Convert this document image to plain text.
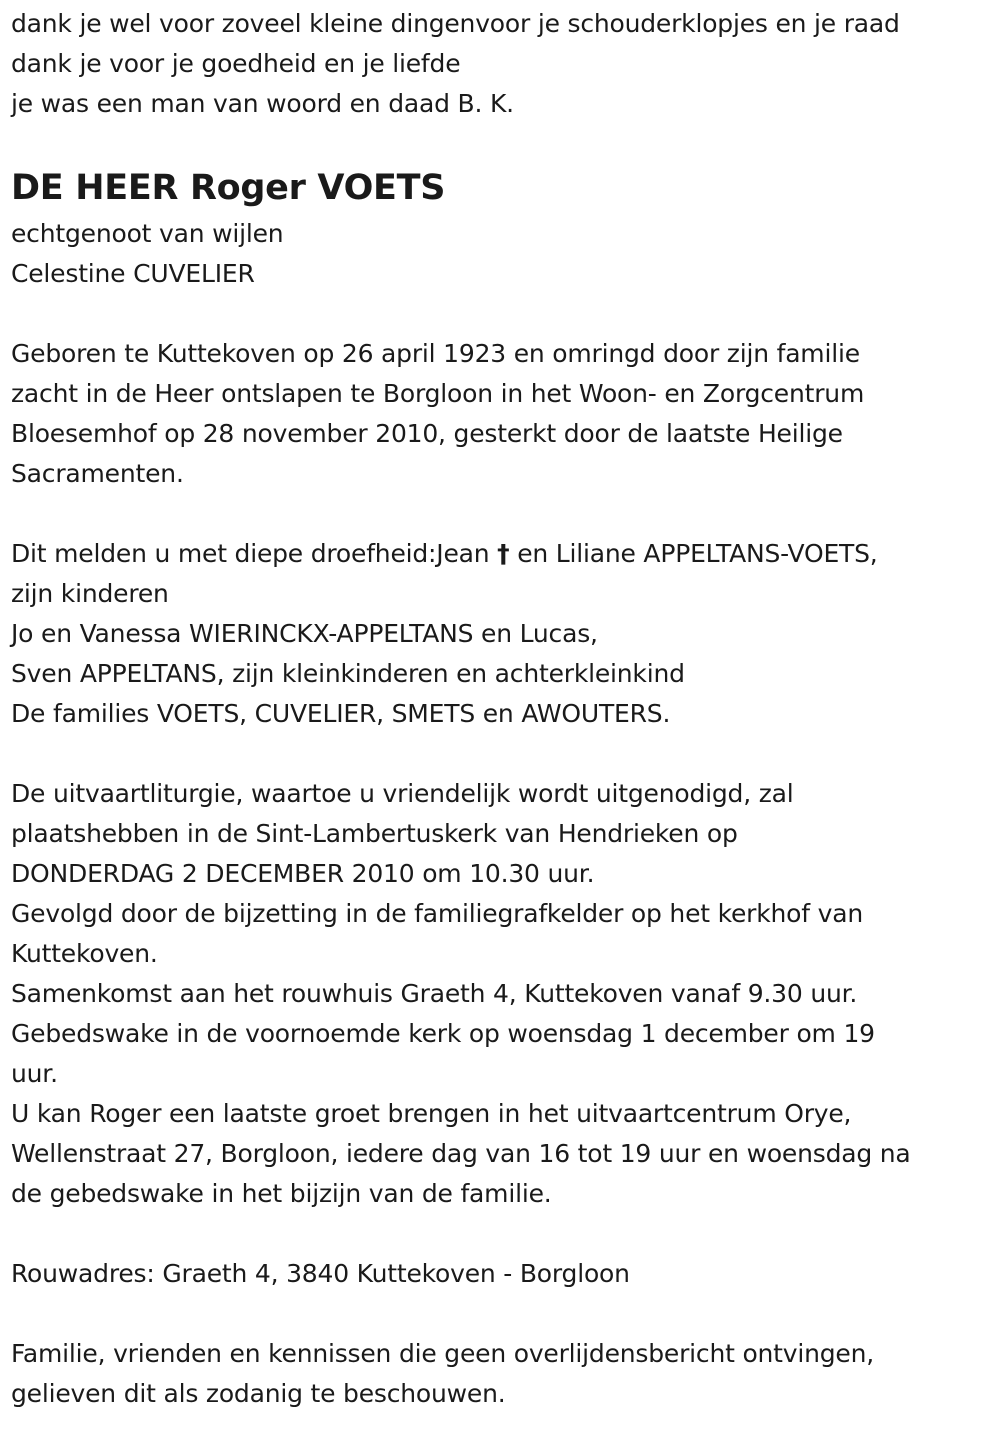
dank je wel voor zoveel kleine dingenvoor je schouderklopjes en je raad
dank je voor je goedheid en je liefde
je was een man van woord en daad B. K.
DE HEER Roger VOETS
echtgenoot van wijlen
Celestine CUVELIER
Geboren te Kuttekoven op 26 april 1923 en omringd door zijn familie
zacht in de Heer ontslapen te Borgloon in het Woon- en Zorgcentrum
Bloesemhof op 28 november 2010, gesterkt door de laatste Heilige
Sacramenten.
Dit melden u met diepe droefheid:Jean † en Liliane APPELTANS-VOETS,
zijn kinderen
Jo en Vanessa WIERINCKX-APPELTANS en Lucas,
Sven APPELTANS, zijn kleinkinderen en achterkleinkind
De families VOETS, CUVELIER, SMETS en AWOUTERS.
De uitvaartliturgie, waartoe u vriendelijk wordt uitgenodigd, zal
plaatshebben in de Sint-Lambertuskerk van Hendrieken op
DONDERDAG 2 DECEMBER 2010 om 10.30 uur.
Gevolgd door de bijzetting in de familiegrafkelder op het kerkhof van
Kuttekoven.
Samenkomst aan het rouwhuis Graeth 4, Kuttekoven vanaf 9.30 uur.
Gebedswake in de voornoemde kerk op woensdag 1 december om 19
uur.
U kan Roger een laatste groet brengen in het uitvaartcentrum Orye,
Wellenstraat 27, Borgloon, iedere dag van 16 tot 19 uur en woensdag na
de gebedswake in het bijzijn van de familie.
Rouwadres: Graeth 4, 3840 Kuttekoven - Borgloon
Familie, vrienden en kennissen die geen overlijdensbericht ontvingen,
gelieven dit als zodanig te beschouwen.
